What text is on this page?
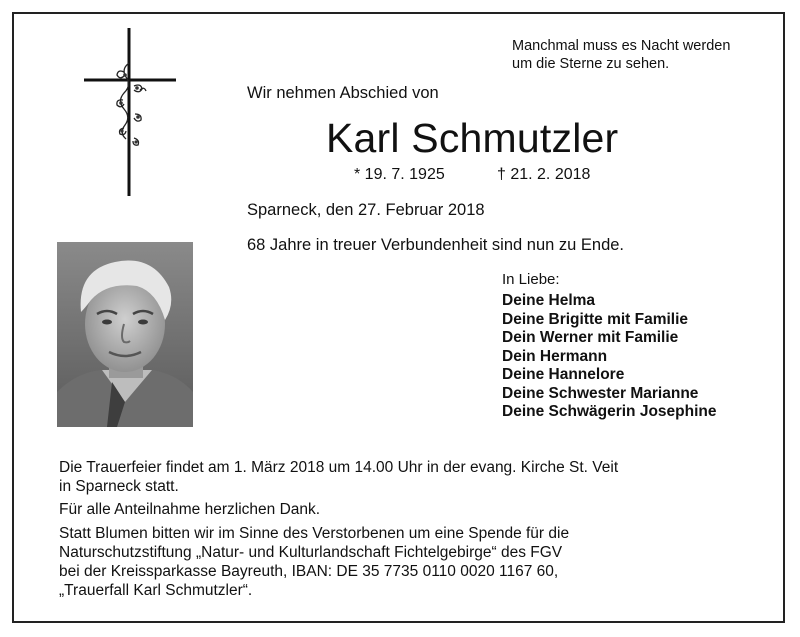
Manchmal muss es Nacht werden
um die Sterne zu sehen.
Wir nehmen Abschied von
Karl Schmutzler
* 19. 7. 1925	† 21. 2. 2018
Sparneck, den 27. Februar 2018
68 Jahre in treuer Verbundenheit sind nun zu Ende.
In Liebe:
Deine Helma
Deine Brigitte mit Familie
Dein Werner mit Familie
Dein Hermann
Deine Hannelore
Deine Schwester Marianne
Deine Schwägerin Josephine
Die Trauerfeier findet am 1. März 2018 um 14.00 Uhr in der evang. Kirche St. Veit
in Sparneck statt.
Für alle Anteilnahme herzlichen Dank.
Statt Blumen bitten wir im Sinne des Verstorbenen um eine Spende für die
Naturschutzstiftung „Natur- und Kulturlandschaft Fichtelgebirge“ des FGV
bei der Kreissparkasse Bayreuth, IBAN: DE 35 7735 0110 0020 1167 60,
„Trauerfall Karl Schmutzler“.
